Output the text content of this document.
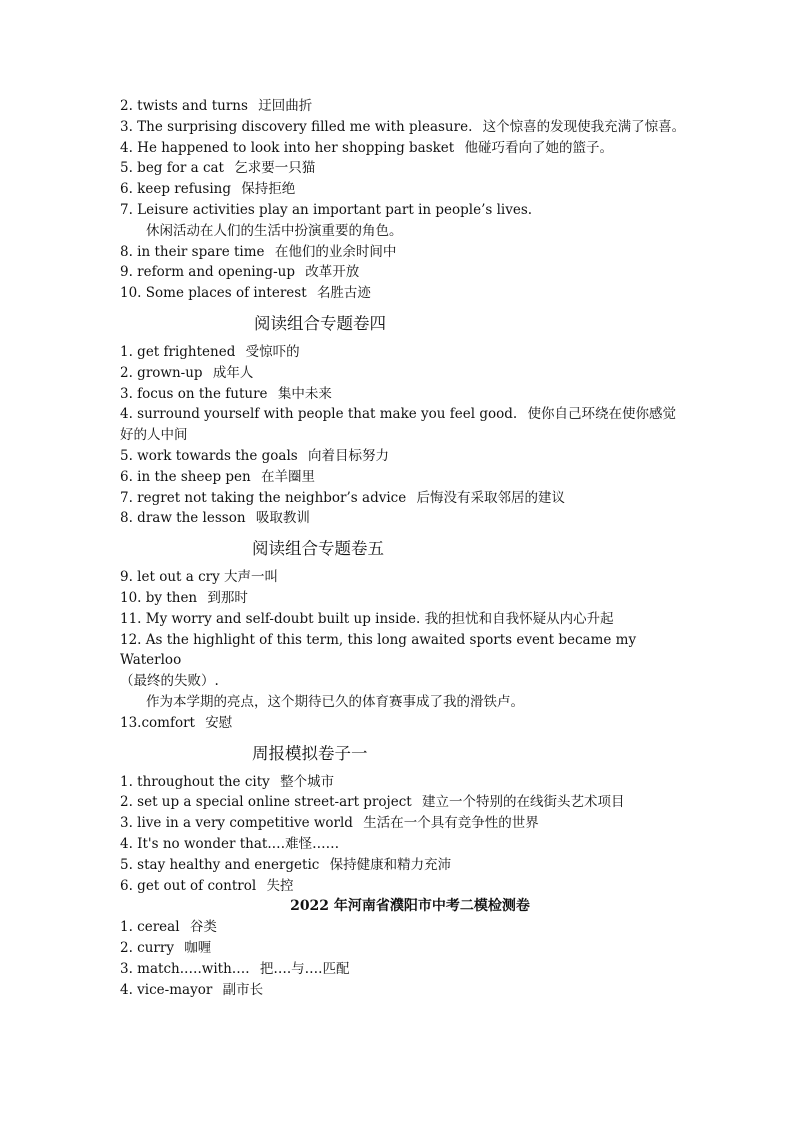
2. twists and turns 迂回曲折
3. The surprising discovery filled me with pleasure. 这个惊喜的发现使我充满了惊喜。
4. He happened to look into her shopping basket 他碰巧看向了她的篮子。
5. beg for a cat 乞求要一只猫
6. keep refusing 保持拒绝
7. Leisure activities play an important part in people’s lives.
休闲活动在人们的生活中扮演重要的角色。
8. in their spare time 在他们的业余时间中
9. reform and opening-up 改革开放
10. Some places of interest 名胜古迹
阅读组合专题卷四
1. get frightened 受惊吓的
2. grown-up 成年人
3. focus on the future 集中未来
4. surround yourself with people that make you feel good. 使你自己环绕在使你感觉好的人中间
5. work towards the goals 向着目标努力
6. in the sheep pen 在羊圈里
7. regret not taking the neighbor’s advice 后悔没有采取邻居的建议
8. draw the lesson 吸取教训
阅读组合专题卷五
9. let out a cry 大声一叫
10. by then 到那时
11. My worry and self-doubt built up inside. 我的担忧和自我怀疑从内心升起
12. As the highlight of this term, this long awaited sports event became my Waterloo
（最终的失败）.
作为本学期的亮点，这个期待已久的体育赛事成了我的滑铁卢。
13.comfort 安慰
周报模拟卷子一
1. throughout the city 整个城市
2. set up a special online street-art project 建立一个特别的在线街头艺术项目
3. live in a very competitive world 生活在一个具有竞争性的世界
4. It's no wonder that.…难怪……
5. stay healthy and energetic 保持健康和精力充沛
6. get out of control 失控
2022 年河南省濮阳市中考二模检测卷
1. cereal 谷类
2. curry 咖喱
3. match.….with…. 把….与….匹配
4. vice-mayor 副市长
